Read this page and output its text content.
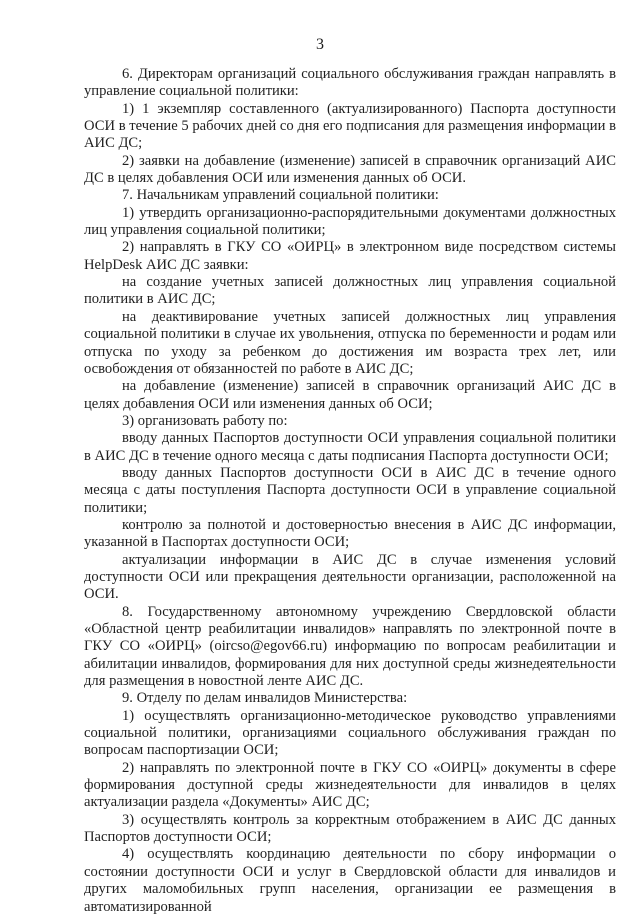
3

6. Директорам организаций социального обслуживания граждан направлять в управление социальной политики:

1) 1 экземпляр составленного (актуализированного) Паспорта доступности ОСИ в течение 5 рабочих дней со дня его подписания для размещения информации в АИС ДС;

2) заявки на добавление (изменение) записей в справочник организаций АИС ДС в целях добавления ОСИ или изменения данных об ОСИ.

7. Начальникам управлений социальной политики:

1) утвердить организационно-распорядительными документами должностных лиц управления социальной политики;

2) направлять в ГКУ СО «ОИРЦ» в электронном виде посредством системы HelpDesk АИС ДС заявки:

на создание учетных записей должностных лиц управления социальной политики в АИС ДС;

на деактивирование учетных записей должностных лиц управления социальной политики в случае их увольнения, отпуска по беременности и родам или отпуска по уходу за ребенком до достижения им возраста трех лет, или освобождения от обязанностей по работе в АИС ДС;

на добавление (изменение) записей в справочник организаций АИС ДС в целях добавления ОСИ или изменения данных об ОСИ;

3) организовать работу по:

вводу данных Паспортов доступности ОСИ управления социальной политики в АИС ДС в течение одного месяца с даты подписания Паспорта доступности ОСИ;

вводу данных Паспортов доступности ОСИ в АИС ДС в течение одного месяца с даты поступления Паспорта доступности ОСИ в управление социальной политики;

контролю за полнотой и достоверностью внесения в АИС ДС информации, указанной в Паспортах доступности ОСИ;

актуализации информации в АИС ДС в случае изменения условий доступности ОСИ или прекращения деятельности организации, расположенной на ОСИ.

8. Государственному автономному учреждению Свердловской области «Областной центр реабилитации инвалидов» направлять по электронной почте в ГКУ СО «ОИРЦ» (oircso@egov66.ru) информацию по вопросам реабилитации и абилитации инвалидов, формирования для них доступной среды жизнедеятельности для размещения в новостной ленте АИС ДС.

9. Отделу по делам инвалидов Министерства:

1) осуществлять организационно-методическое руководство управлениями социальной политики, организациями социального обслуживания граждан по вопросам паспортизации ОСИ;

2) направлять по электронной почте в ГКУ СО «ОИРЦ» документы в сфере формирования доступной среды жизнедеятельности для инвалидов в целях актуализации раздела «Документы» АИС ДС;

3) осуществлять контроль за корректным отображением в АИС ДС данных Паспортов доступности ОСИ;

4) осуществлять координацию деятельности по сбору информации о состоянии доступности ОСИ и услуг в Свердловской области для инвалидов и других маломобильных групп населения, организации ее размещения в автоматизированной
